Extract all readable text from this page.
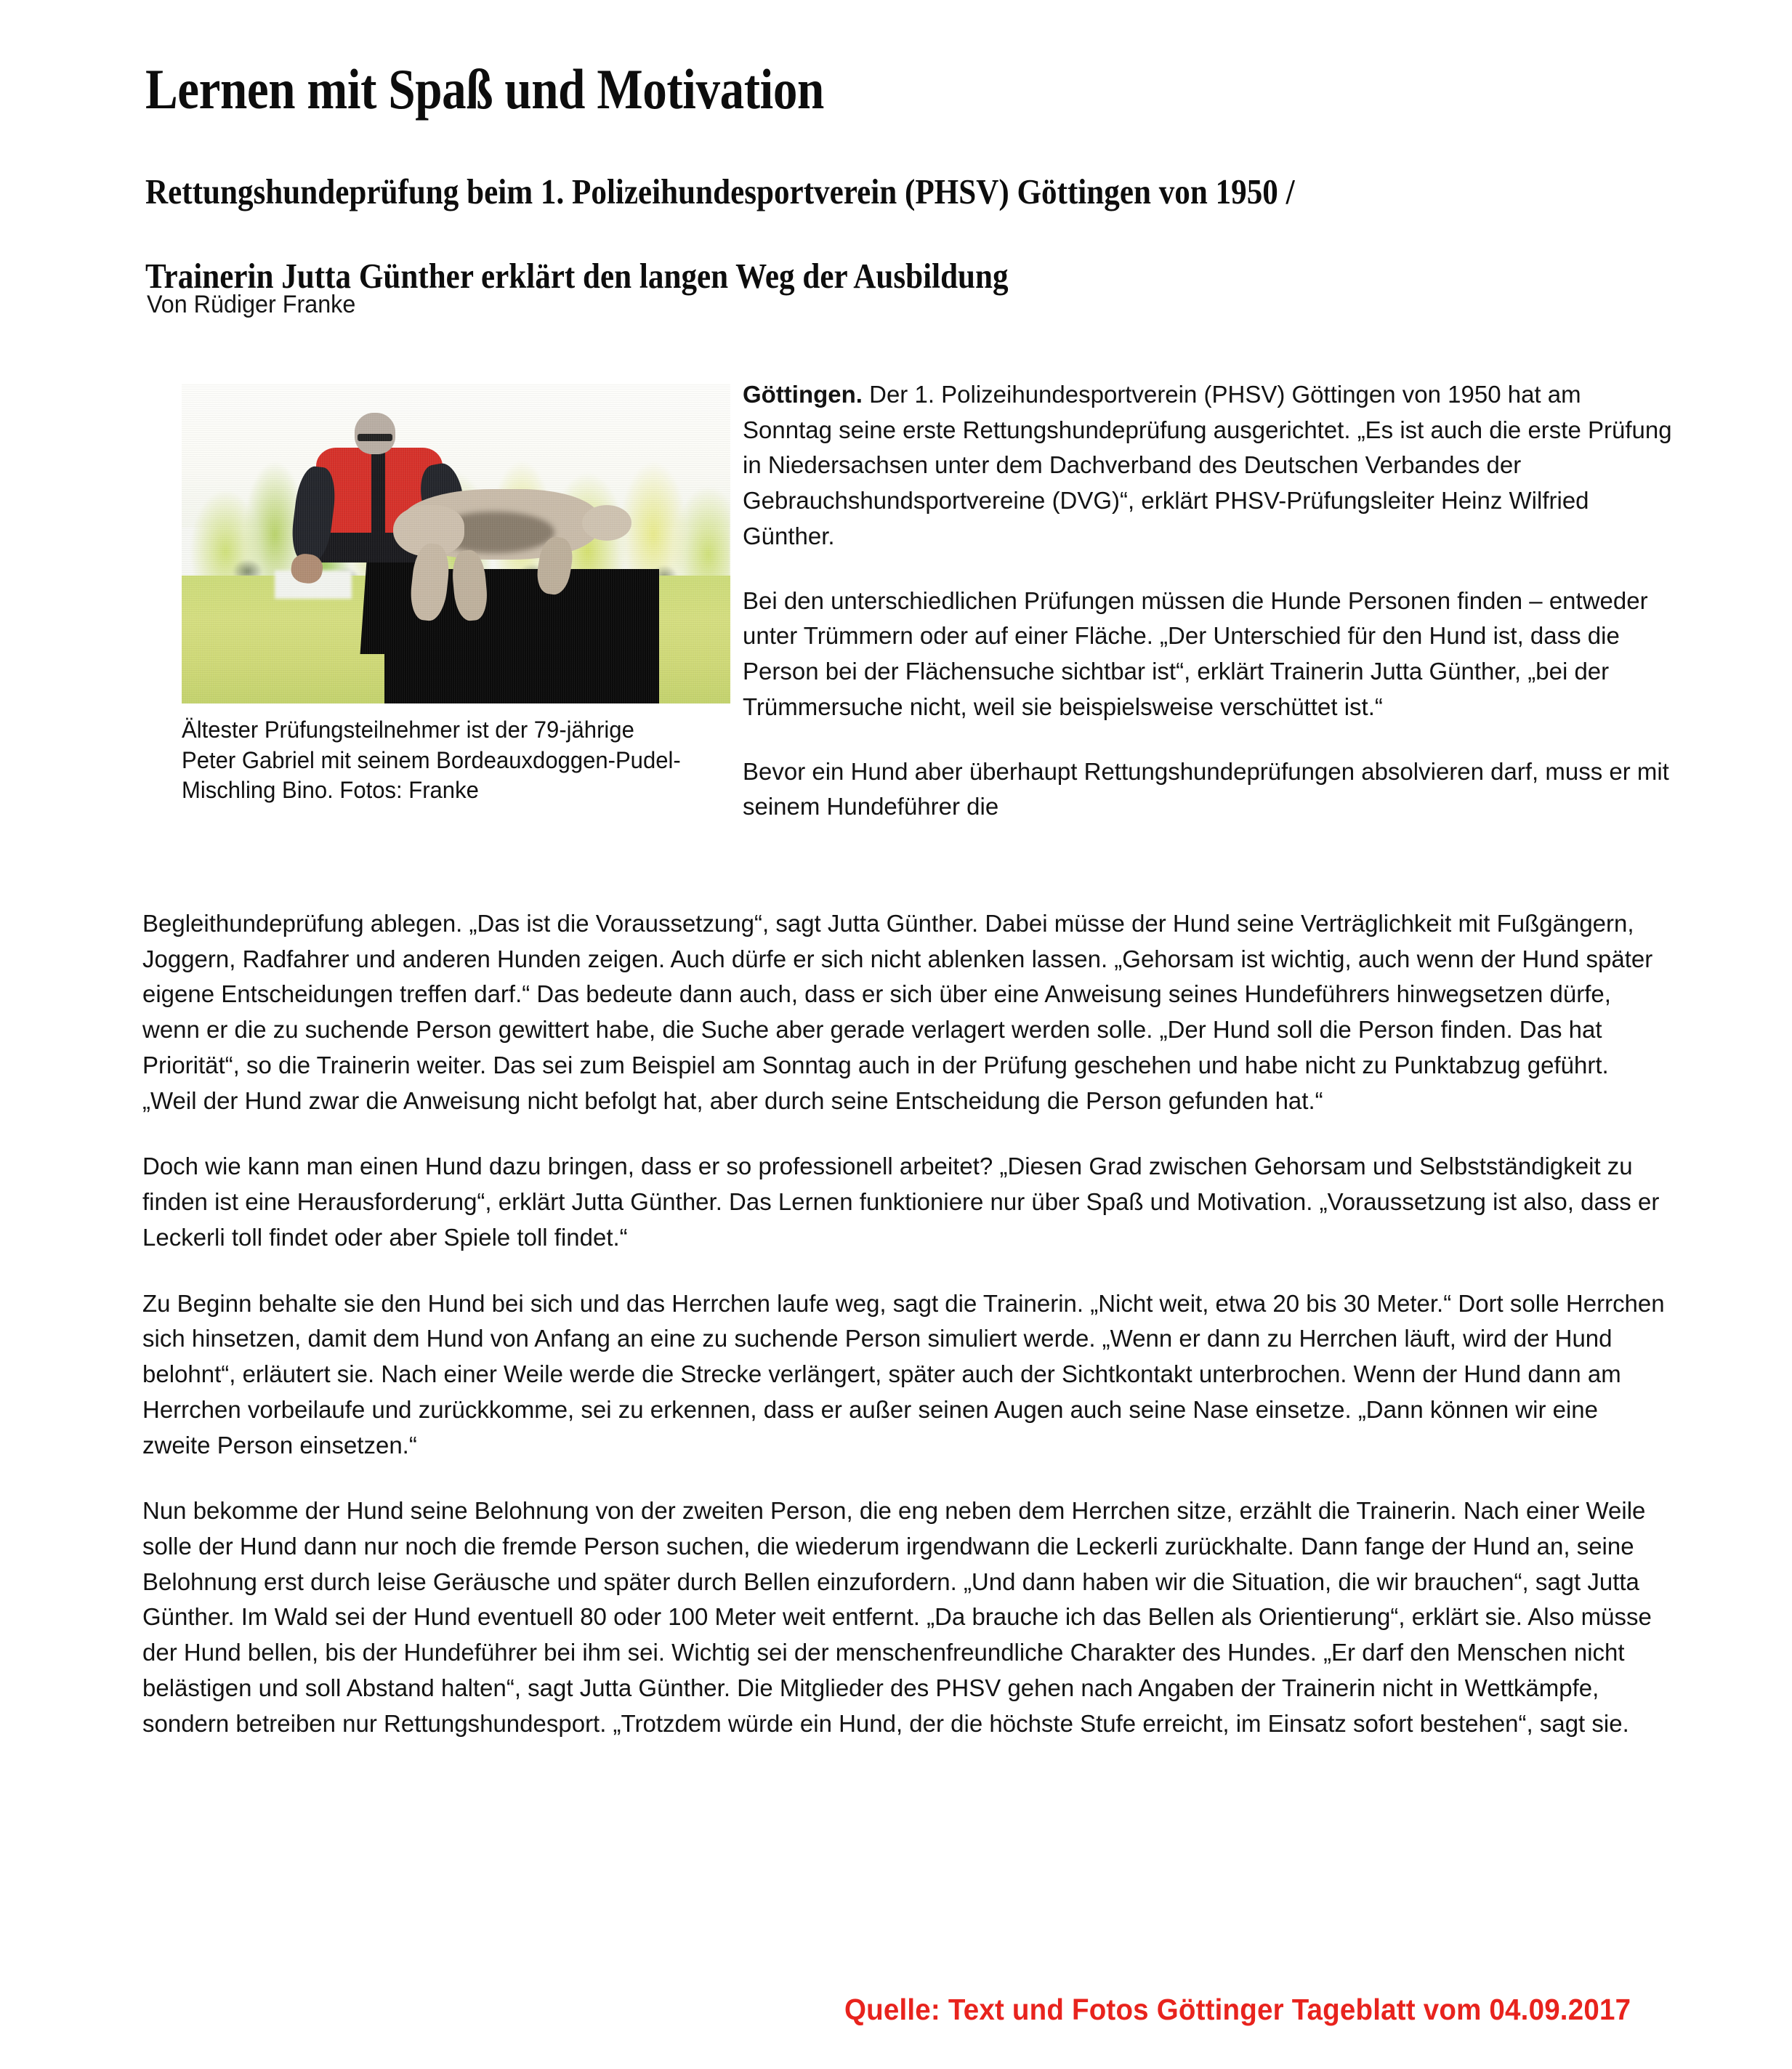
Lernen mit Spaß und Motivation
Rettungshundeprüfung beim 1. Polizeihundesportverein (PHSV) Göttingen von 1950 /
Trainerin Jutta Günther erklärt den langen Weg der Ausbildung
Von Rüdiger Franke
Ältester Prüfungsteilnehmer ist der 79-jährige Peter Gabriel mit seinem Bordeauxdoggen-Pudel-Mischling Bino. Fotos: Franke

Göttingen. Der 1. Polizeihundesportverein (PHSV) Göttingen von 1950 hat am Sonntag seine erste Rettungshundeprüfung ausgerichtet. „Es ist auch die erste Prüfung in Niedersachsen unter dem Dachverband des Deutschen Verbandes der Gebrauchshundsportvereine (DVG)“, erklärt PHSV-Prüfungsleiter Heinz Wilfried Günther.

Bei den unterschiedlichen Prüfungen müssen die Hunde Personen finden – entweder unter Trümmern oder auf einer Fläche. „Der Unterschied für den Hund ist, dass die Person bei der Flächensuche sichtbar ist“, erklärt Trainerin Jutta Günther, „bei der Trümmersuche nicht, weil sie beispielsweise verschüttet ist.“

Bevor ein Hund aber überhaupt Rettungshundeprüfungen absolvieren darf, muss er mit seinem Hundeführer die

Begleithundeprüfung ablegen. „Das ist die Voraussetzung“, sagt Jutta Günther. Dabei müsse der Hund seine Verträglichkeit mit Fußgängern, Joggern, Radfahrer und anderen Hunden zeigen. Auch dürfe er sich nicht ablenken lassen. „Gehorsam ist wichtig, auch wenn der Hund später eigene Entscheidungen treffen darf.“ Das bedeute dann auch, dass er sich über eine Anweisung seines Hundeführers hinwegsetzen dürfe, wenn er die zu suchende Person gewittert habe, die Suche aber gerade verlagert werden solle. „Der Hund soll die Person finden. Das hat Priorität“, so die Trainerin weiter. Das sei zum Beispiel am Sonntag auch in der Prüfung geschehen und habe nicht zu Punktabzug geführt. „Weil der Hund zwar die Anweisung nicht befolgt hat, aber durch seine Entscheidung die Person gefunden hat.“

Doch wie kann man einen Hund dazu bringen, dass er so professionell arbeitet? „Diesen Grad zwischen Gehorsam und Selbstständigkeit zu finden ist eine Herausforderung“, erklärt Jutta Günther. Das Lernen funktioniere nur über Spaß und Motivation. „Voraussetzung ist also, dass er Leckerli toll findet oder aber Spiele toll findet.“

Zu Beginn behalte sie den Hund bei sich und das Herrchen laufe weg, sagt die Trainerin. „Nicht weit, etwa 20 bis 30 Meter.“ Dort solle Herrchen sich hinsetzen, damit dem Hund von Anfang an eine zu suchende Person simuliert werde. „Wenn er dann zu Herrchen läuft, wird der Hund belohnt“, erläutert sie. Nach einer Weile werde die Strecke verlängert, später auch der Sichtkontakt unterbrochen. Wenn der Hund dann am Herrchen vorbeilaufe und zurückkomme, sei zu erkennen, dass er außer seinen Augen auch seine Nase einsetze. „Dann können wir eine zweite Person einsetzen.“

Nun bekomme der Hund seine Belohnung von der zweiten Person, die eng neben dem Herrchen sitze, erzählt die Trainerin. Nach einer Weile solle der Hund dann nur noch die fremde Person suchen, die wiederum irgendwann die Leckerli zurückhalte. Dann fange der Hund an, seine Belohnung erst durch leise Geräusche und später durch Bellen einzufordern. „Und dann haben wir die Situation, die wir brauchen“, sagt Jutta Günther. Im Wald sei der Hund eventuell 80 oder 100 Meter weit entfernt. „Da brauche ich das Bellen als Orientierung“, erklärt sie. Also müsse der Hund bellen, bis der Hundeführer bei ihm sei. Wichtig sei der menschenfreundliche Charakter des Hundes. „Er darf den Menschen nicht belästigen und soll Abstand halten“, sagt Jutta Günther. Die Mitglieder des PHSV gehen nach Angaben der Trainerin nicht in Wettkämpfe, sondern betreiben nur Rettungshundesport. „Trotzdem würde ein Hund, der die höchste Stufe erreicht, im Einsatz sofort bestehen“, sagt sie.

Quelle: Text und Fotos Göttinger Tageblatt vom 04.09.2017
